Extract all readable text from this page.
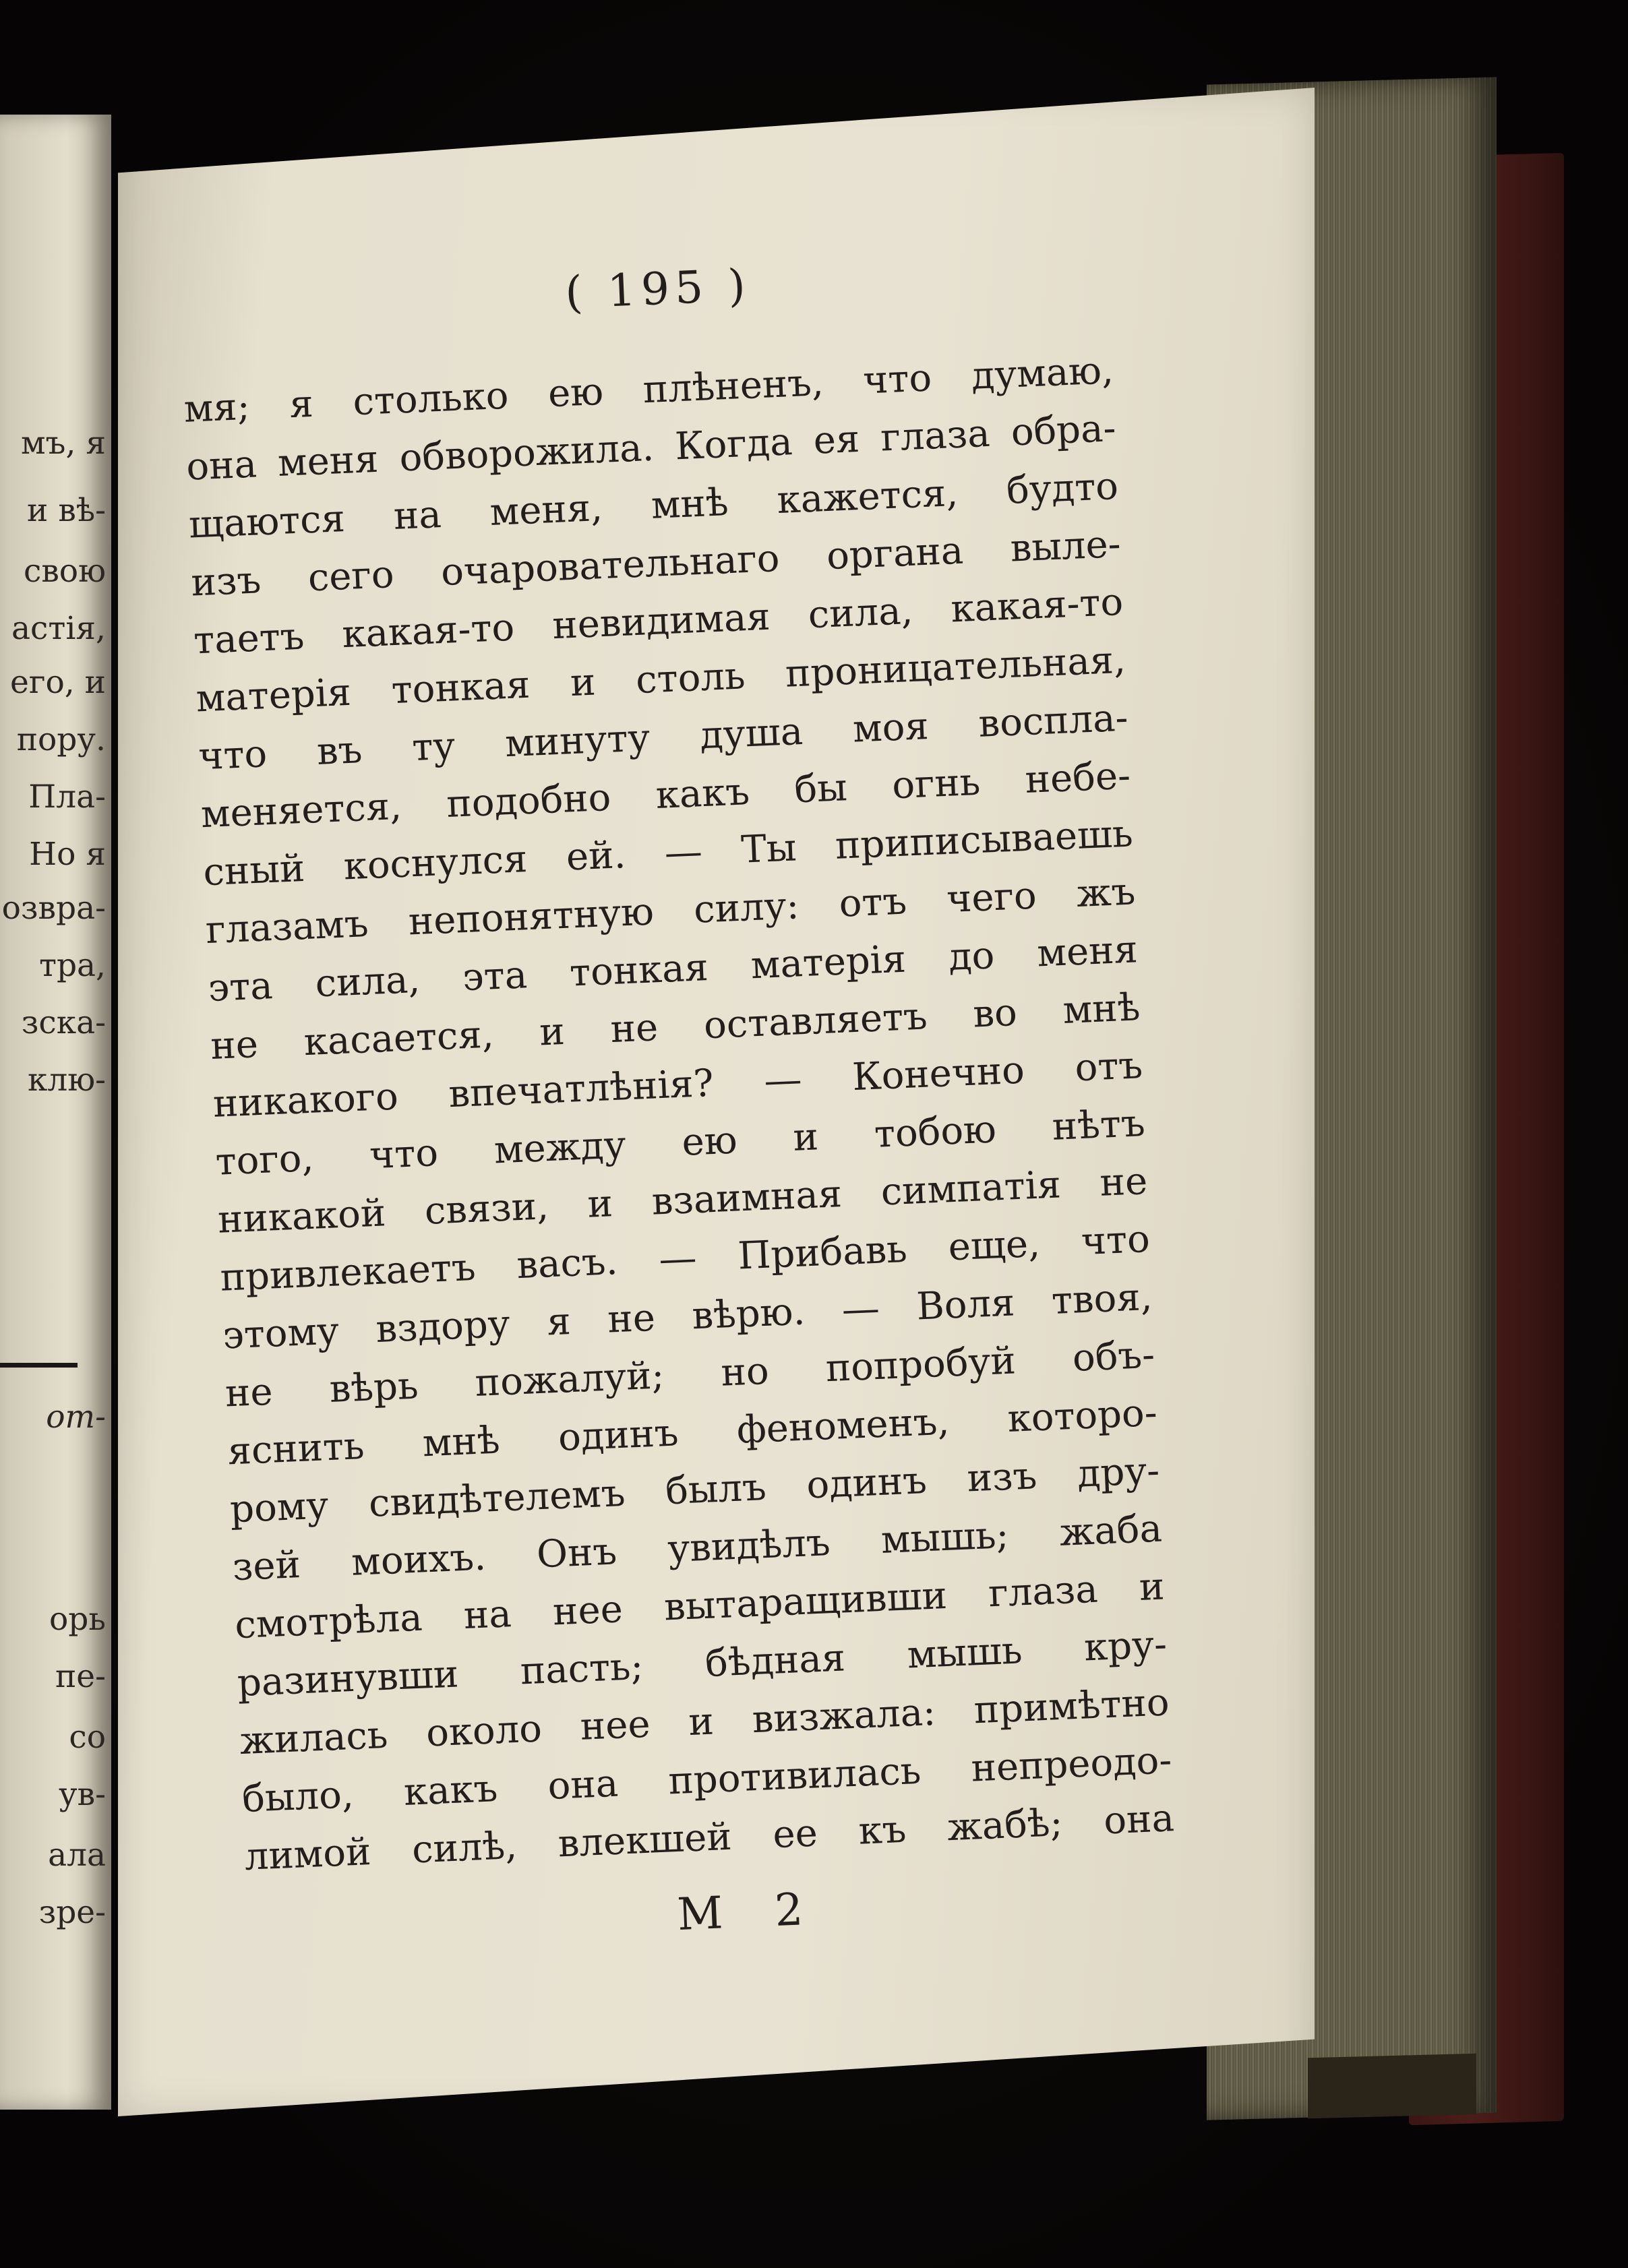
мъ, я
и вѣ-
свою
астія,
его, и
пору.
Пла-
Но я
озвра-
тра,
зска-
клю-
от-
орь
пе-
со
ув-
ала
зре-
( 195 )
мя; я столько ею плѣненъ, что думаю,
она меня обворожила. Когда ея глаза обра-
щаются на меня, мнѣ кажется, будто
изъ сего очаровательнаго органа выле-
таетъ какая-то невидимая сила, какая-то
матерія тонкая и столь проницательная,
что въ ту минуту душа моя воспла-
меняется, подобно какъ бы огнь небе-
сный коснулся ей. — Ты приписываешь
глазамъ непонятную силу: отъ чего жъ
эта сила, эта тонкая матерія до меня
не касается, и не оставляетъ во мнѣ
никакого впечатлѣнія? — Конечно отъ
того, что между ею и тобою нѣтъ
никакой связи, и взаимная симпатія не
привлекаетъ васъ. — Прибавь еще, что
этому вздору я не вѣрю. — Воля твоя,
не вѣрь пожалуй; но попробуй объ-
яснить мнѣ одинъ феноменъ, которо-
рому свидѣтелемъ былъ одинъ изъ дру-
зей моихъ. Онъ увидѣлъ мышь; жаба
смотрѣла на нее вытаращивши глаза и
разинувши пасть; бѣдная мышь кру-
жилась около нее и визжала: примѣтно
было, какъ она противилась непреодо-
лимой силѣ, влекшей ее къ жабѣ; она
M 2
